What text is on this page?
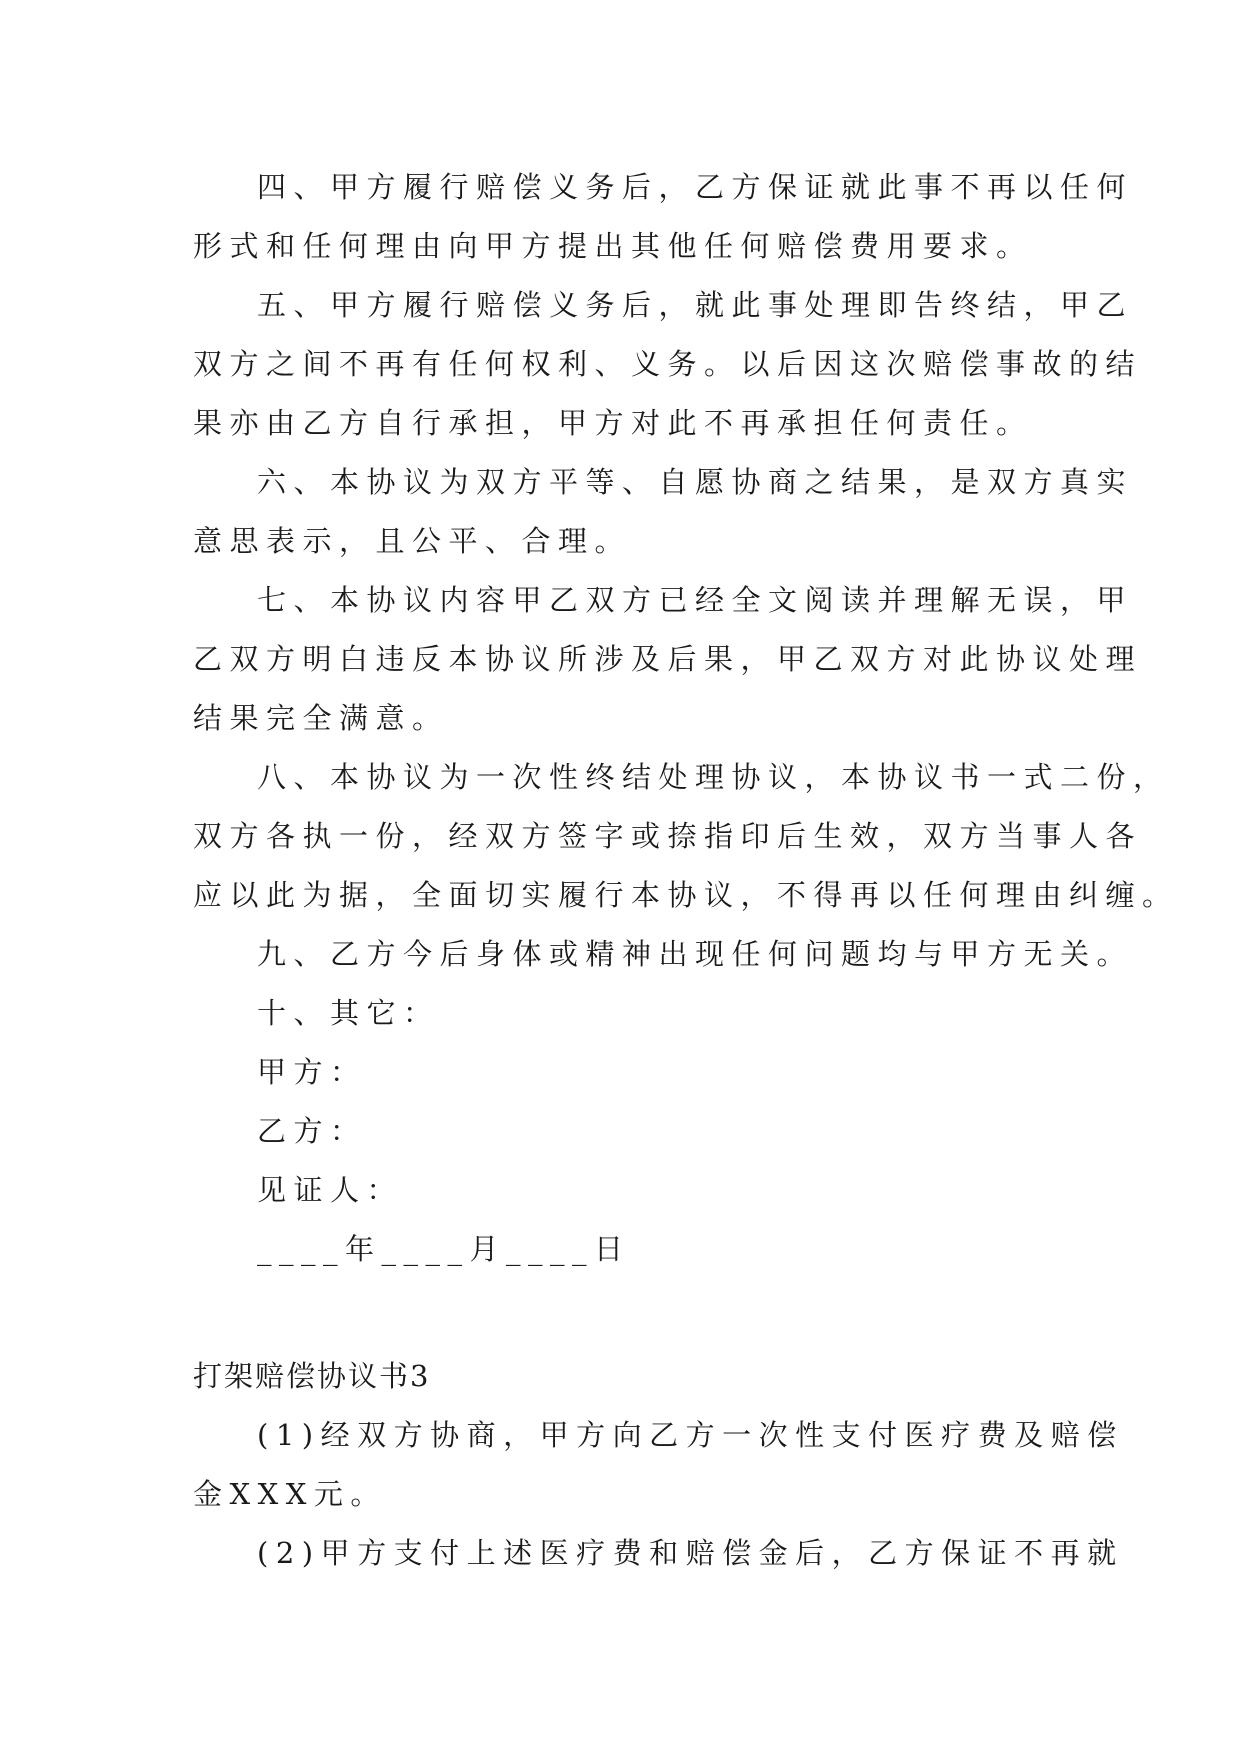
四、甲方履行赔偿义务后，乙方保证就此事不再以任何
形式和任何理由向甲方提出其他任何赔偿费用要求。
五、甲方履行赔偿义务后，就此事处理即告终结，甲乙
双方之间不再有任何权利、义务。以后因这次赔偿事故的结
果亦由乙方自行承担，甲方对此不再承担任何责任。
六、本协议为双方平等、自愿协商之结果，是双方真实
意思表示，且公平、合理。
七、本协议内容甲乙双方已经全文阅读并理解无误，甲
乙双方明白违反本协议所涉及后果，甲乙双方对此协议处理
结果完全满意。
八、本协议为一次性终结处理协议，本协议书一式二份，
双方各执一份，经双方签字或捺指印后生效，双方当事人各
应以此为据，全面切实履行本协议，不得再以任何理由纠缠。
九、乙方今后身体或精神出现任何问题均与甲方无关。
十、其它：
甲方：
乙方：
见证人：
____年____月____日
打架赔偿协议书3
(1)经双方协商，甲方向乙方一次性支付医疗费及赔偿
金XXX元。
(2)甲方支付上述医疗费和赔偿金后，乙方保证不再就
